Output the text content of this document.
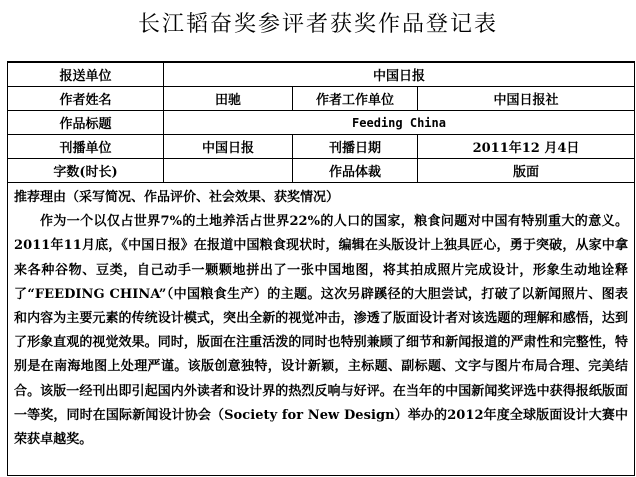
长江韬奋奖参评者获奖作品登记表
报送单位	中国日报		
作者姓名	田驰	作者工作单位	中国日报社
作品标题	Feeding China		
刊播单位	中国日报	刊播日期	2011年12 月4日
字数(时长)		作品体裁	版面

推荐理由（采写简况、作品评价、社会效果、获奖情况）
作为一个以仅占世界7%的土地养活占世界22%的人口的国家，粮食问题对中国有特别重大的意义。2011年11月底，《中国日报》在报道中国粮食现状时，编辑在头版设计上独具匠心，勇于突破，从家中拿来各种谷物、豆类，自己动手一颗颗地拼出了一张中国地图，将其拍成照片完成设计，形象生动地诠释了“FEEDING CHINA”（中国粮食生产）的主题。这次另辟蹊径的大胆尝试，打破了以新闻照片、图表和内容为主要元素的传统设计模式，突出全新的视觉冲击，渗透了版面设计者对该选题的理解和感悟，达到了形象直观的视觉效果。同时，版面在注重活泼的同时也特别兼顾了细节和新闻报道的严肃性和完整性，特别是在南海地图上处理严谨。该版创意独特，设计新颖，主标题、副标题、文字与图片布局合理、完美结合。该版一经刊出即引起国内外读者和设计界的热烈反响与好评。在当年的中国新闻奖评选中获得报纸版面一等奖，同时在国际新闻设计协会（Society for New Design）举办的2012年度全球版面设计大赛中荣获卓越奖。			
